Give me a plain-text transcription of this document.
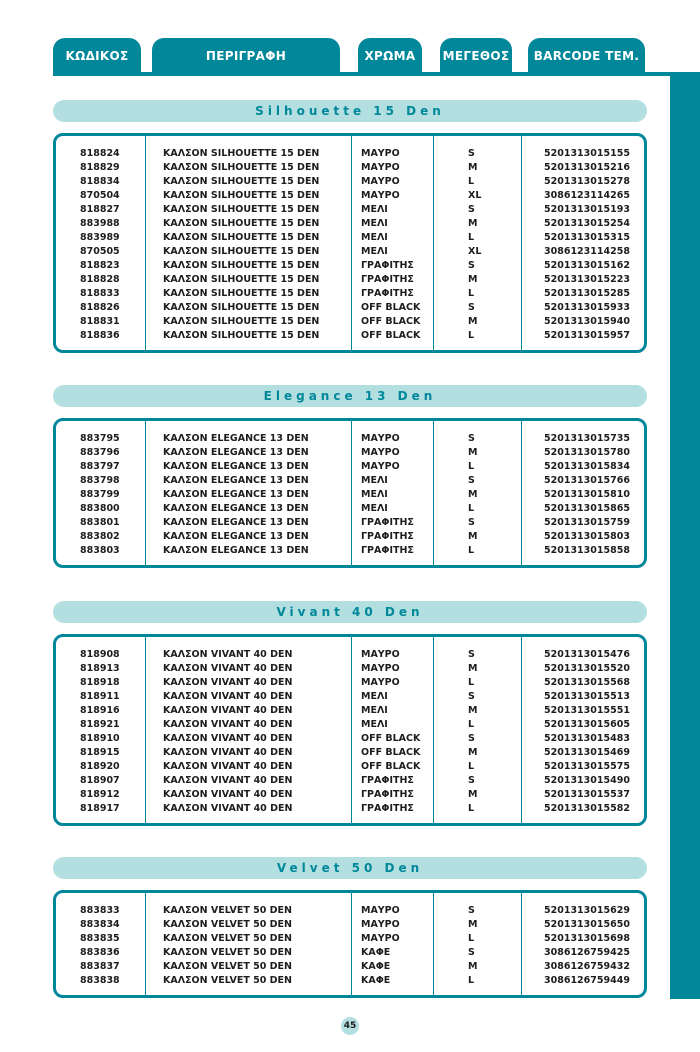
ΚΩΔΙΚΟΣ	ΠΕΡΙΓΡΑΦΗ	ΧΡΩΜΑ	ΜΕΓΕΘΟΣ	BARCODE ΤΕΜ.
Silhouette 15 Den
818824	ΚΑΛΣΟΝ SILHOUETTE 15 DEN	ΜΑΥΡΟ	S	5201313015155
818829	ΚΑΛΣΟΝ SILHOUETTE 15 DEN	ΜΑΥΡΟ	M	5201313015216
818834	ΚΑΛΣΟΝ SILHOUETTE 15 DEN	ΜΑΥΡΟ	L	5201313015278
870504	ΚΑΛΣΟΝ SILHOUETTE 15 DEN	ΜΑΥΡΟ	XL	3086123114265
818827	ΚΑΛΣΟΝ SILHOUETTE 15 DEN	ΜΕΛΙ	S	5201313015193
883988	ΚΑΛΣΟΝ SILHOUETTE 15 DEN	ΜΕΛΙ	M	5201313015254
883989	ΚΑΛΣΟΝ SILHOUETTE 15 DEN	ΜΕΛΙ	L	5201313015315
870505	ΚΑΛΣΟΝ SILHOUETTE 15 DEN	ΜΕΛΙ	XL	3086123114258
818823	ΚΑΛΣΟΝ SILHOUETTE 15 DEN	ΓΡΑΦΙΤΗΣ	S	5201313015162
818828	ΚΑΛΣΟΝ SILHOUETTE 15 DEN	ΓΡΑΦΙΤΗΣ	M	5201313015223
818833	ΚΑΛΣΟΝ SILHOUETTE 15 DEN	ΓΡΑΦΙΤΗΣ	L	5201313015285
818826	ΚΑΛΣΟΝ SILHOUETTE 15 DEN	OFF BLACK	S	5201313015933
818831	ΚΑΛΣΟΝ SILHOUETTE 15 DEN	OFF BLACK	M	5201313015940
818836	ΚΑΛΣΟΝ SILHOUETTE 15 DEN	OFF BLACK	L	5201313015957
Elegance 13 Den
883795	ΚΑΛΣΟΝ ELEGANCE 13 DEN	ΜΑΥΡΟ	S	5201313015735
883796	ΚΑΛΣΟΝ ELEGANCE 13 DEN	ΜΑΥΡΟ	M	5201313015780
883797	ΚΑΛΣΟΝ ELEGANCE 13 DEN	ΜΑΥΡΟ	L	5201313015834
883798	ΚΑΛΣΟΝ ELEGANCE 13 DEN	ΜΕΛΙ	S	5201313015766
883799	ΚΑΛΣΟΝ ELEGANCE 13 DEN	ΜΕΛΙ	M	5201313015810
883800	ΚΑΛΣΟΝ ELEGANCE 13 DEN	ΜΕΛΙ	L	5201313015865
883801	ΚΑΛΣΟΝ ELEGANCE 13 DEN	ΓΡΑΦΙΤΗΣ	S	5201313015759
883802	ΚΑΛΣΟΝ ELEGANCE 13 DEN	ΓΡΑΦΙΤΗΣ	M	5201313015803
883803	ΚΑΛΣΟΝ ELEGANCE 13 DEN	ΓΡΑΦΙΤΗΣ	L	5201313015858
Vivant 40 Den
818908	ΚΑΛΣΟΝ VIVANT 40 DEN	ΜΑΥΡΟ	S	5201313015476
818913	ΚΑΛΣΟΝ VIVANT 40 DEN	ΜΑΥΡΟ	M	5201313015520
818918	ΚΑΛΣΟΝ VIVANT 40 DEN	ΜΑΥΡΟ	L	5201313015568
818911	ΚΑΛΣΟΝ VIVANT 40 DEN	ΜΕΛΙ	S	5201313015513
818916	ΚΑΛΣΟΝ VIVANT 40 DEN	ΜΕΛΙ	M	5201313015551
818921	ΚΑΛΣΟΝ VIVANT 40 DEN	ΜΕΛΙ	L	5201313015605
818910	ΚΑΛΣΟΝ VIVANT 40 DEN	OFF BLACK	S	5201313015483
818915	ΚΑΛΣΟΝ VIVANT 40 DEN	OFF BLACK	M	5201313015469
818920	ΚΑΛΣΟΝ VIVANT 40 DEN	OFF BLACK	L	5201313015575
818907	ΚΑΛΣΟΝ VIVANT 40 DEN	ΓΡΑΦΙΤΗΣ	S	5201313015490
818912	ΚΑΛΣΟΝ VIVANT 40 DEN	ΓΡΑΦΙΤΗΣ	M	5201313015537
818917	ΚΑΛΣΟΝ VIVANT 40 DEN	ΓΡΑΦΙΤΗΣ	L	5201313015582
Velvet 50 Den
883833	ΚΑΛΣΟΝ VELVET 50 DEN	ΜΑΥΡΟ	S	5201313015629
883834	ΚΑΛΣΟΝ VELVET 50 DEN	ΜΑΥΡΟ	M	5201313015650
883835	ΚΑΛΣΟΝ VELVET 50 DEN	ΜΑΥΡΟ	L	5201313015698
883836	ΚΑΛΣΟΝ VELVET 50 DEN	ΚΑΦΕ	S	3086126759425
883837	ΚΑΛΣΟΝ VELVET 50 DEN	ΚΑΦΕ	M	3086126759432
883838	ΚΑΛΣΟΝ VELVET 50 DEN	ΚΑΦΕ	L	3086126759449
45
